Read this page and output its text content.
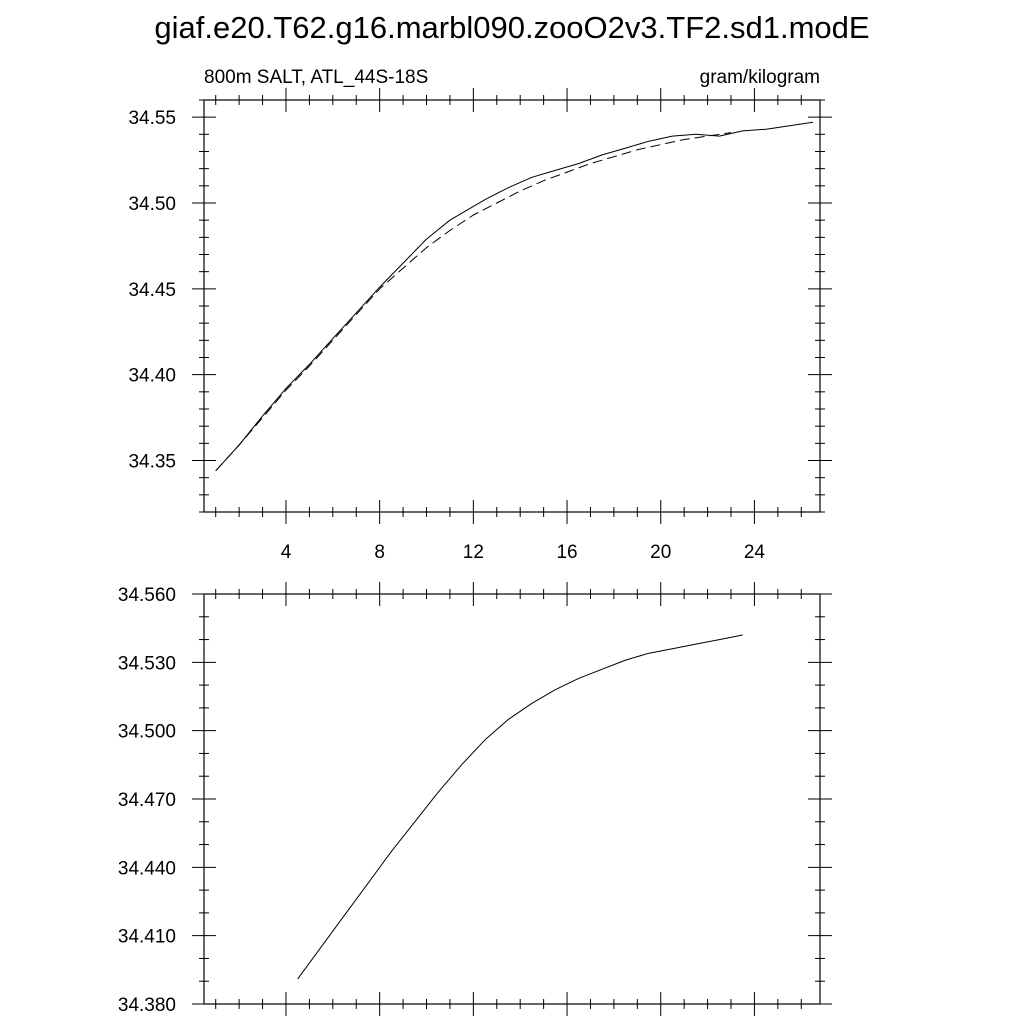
giaf.e20.T62.g16.marbl090.zooO2v3.TF2.sd1.modE
800m SALT, ATL_44S-18S	gram/kilogram
4	8	12	16	20	24
34.35
34.40
34.45
34.50
34.55
34.380
34.410
34.440
34.470
34.500
34.530
34.560
